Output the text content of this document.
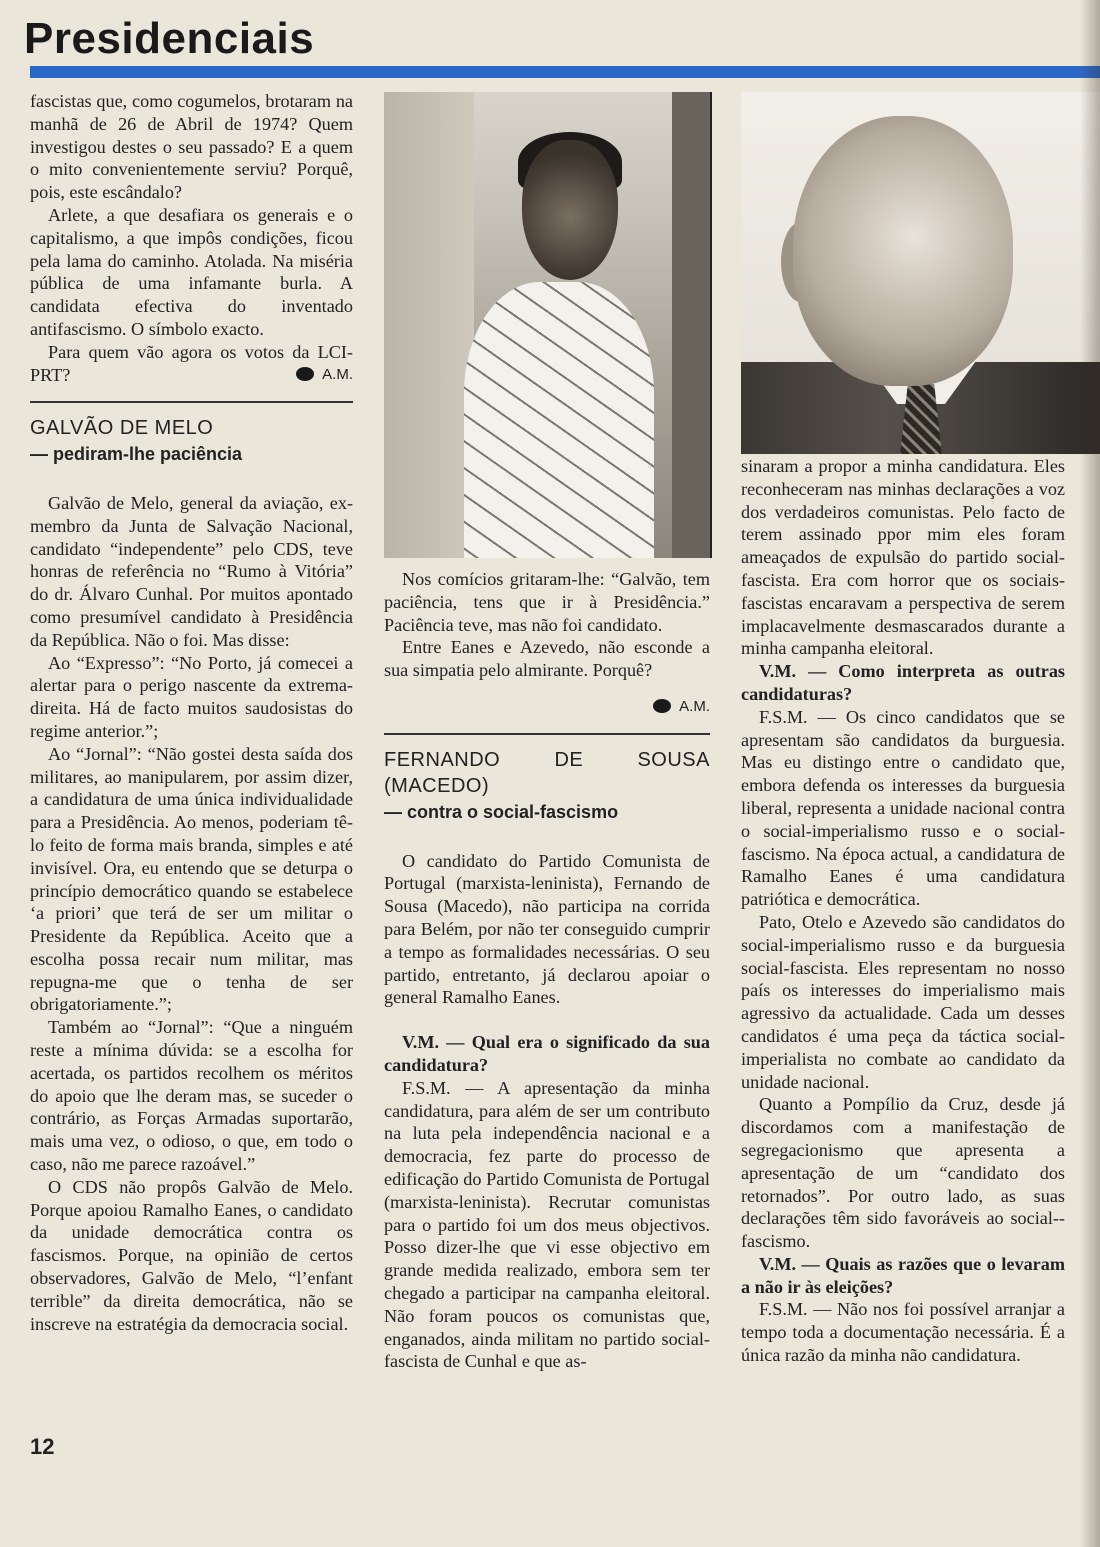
Presidenciais

fascistas que, como cogumelos, brotaram na manhã de 26 de Abril de 1974? Quem investigou destes o seu passado? E a quem o mito convenientemente serviu? Porquê, pois, este escândalo?

Arlete, a que desafiara os generais e o capitalismo, a que impôs condições, ficou pela lama do caminho. Atolada. Na miséria pública de uma infamante burla. A candidata efectiva do inventado antifascismo. O símbolo exacto.

Para quem vão agora os votos da LCI-PRT?	A.M.
GALVÃO DE MELO
— pediram-lhe paciência

Galvão de Melo, general da aviação, ex-membro da Junta de Salvação Nacional, candidato “independente” pelo CDS, teve honras de referência no “Rumo à Vitória” do dr. Álvaro Cunhal. Por muitos apontado como presumível candidato à Presidência da República. Não o foi. Mas disse:

Ao “Expresso”: “No Porto, já comecei a alertar para o perigo nascente da extrema-direita. Há de facto muitos saudosistas do regime anterior.”;

Ao “Jornal”: “Não gostei desta saída dos militares, ao manipularem, por assim dizer, a candidatura de uma única individualidade para a Presidência. Ao menos, poderiam tê-lo feito de forma mais branda, simples e até invisível. Ora, eu entendo que se deturpa o princípio democrático quando se estabelece ‘a priori’ que terá de ser um militar o Presidente da República. Aceito que a escolha possa recair num militar, mas repugna-me que o tenha de ser obrigatoriamente.”;

Também ao “Jornal”: “Que a ninguém reste a mínima dúvida: se a escolha for acertada, os partidos recolhem os méritos do apoio que lhe deram mas, se suceder o contrário, as Forças Armadas suportarão, mais uma vez, o odioso, o que, em todo o caso, não me parece razoável.”

O CDS não propôs Galvão de Melo. Porque apoiou Ramalho Eanes, o candidato da unidade democrática contra os fascismos. Porque, na opinião de certos observadores, Galvão de Melo, “l’enfant terrible” da direita democrática, não se inscreve na estratégia da democracia social.

Nos comícios gritaram-lhe: “Galvão, tem paciência, tens que ir à Presidência.” Paciência teve, mas não foi candidato.

Entre Eanes e Azevedo, não esconde a sua simpatia pelo almirante. Porquê?

A.M.
FERNANDO DE SOUSA (MACEDO)
— contra o social-fascismo

O candidato do Partido Comunista de Portugal (marxista-leninista), Fernando de Sousa (Macedo), não participa na corrida para Belém, por não ter conseguido cumprir a tempo as formalidades necessárias. O seu partido, entretanto, já declarou apoiar o general Ramalho Eanes.

V.M. — Qual era o significado da sua candidatura?

F.S.M. — A apresentação da minha candidatura, para além de ser um contributo na luta pela independência nacional e a democracia, fez parte do processo de edificação do Partido Comunista de Portugal (marxista-leninista). Recrutar comunistas para o partido foi um dos meus objectivos. Posso dizer-lhe que vi esse objectivo em grande medida realizado, embora sem ter chegado a participar na campanha eleitoral. Não foram poucos os comunistas que, enganados, ainda militam no partido social-fascista de Cunhal e que as-

sinaram a propor a minha candidatura. Eles reconheceram nas minhas declarações a voz dos verdadeiros comunistas. Pelo facto de terem assinado ppor mim eles foram ameaçados de expulsão do partido social-fascista. Era com horror que os sociais-fascistas encaravam a perspectiva de serem implacavelmente desmascarados durante a minha campanha eleitoral.

V.M. — Como interpreta as outras candidaturas?

F.S.M. — Os cinco candidatos que se apresentam são candidatos da burguesia. Mas eu distingo entre o candidato que, embora defenda os interesses da burguesia liberal, representa a unidade nacional contra o social-imperialismo russo e o social-fascismo. Na época actual, a candidatura de Ramalho Eanes é uma candidatura patriótica e democrática.

Pato, Otelo e Azevedo são candidatos do social-imperialismo russo e da burguesia social-fascista. Eles representam no nosso país os interesses do imperialismo mais agressivo da actualidade. Cada um desses candidatos é uma peça da táctica social-imperialista no combate ao candidato da unidade nacional.

Quanto a Pompílio da Cruz, desde já discordamos com a manifestação de segregacionismo que apresenta a apresentação de um “candidato dos retornados”. Por outro lado, as suas declarações têm sido favoráveis ao social--fascismo.

V.M. — Quais as razões que o levaram a não ir às eleições?

F.S.M. — Não nos foi possível arranjar a tempo toda a documentação necessária. É a única razão da minha não candidatura.

12
